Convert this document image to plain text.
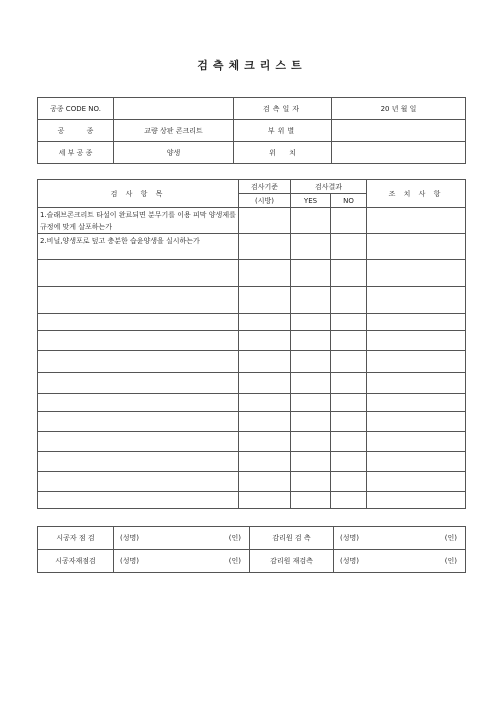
검측체크리스트
공종 CODE NO.		검측일자	20 년 월 일
공          종	교량 상판 콘크리트	부위별	
세 부 공 종	양생	위      치	
검 사 항 목	검사기준	검사결과		조 치 사 항
	(시방)	YES	NO	
1.슬래브콘크리트 타설이 완료되면 분무기를 이용 피막 양생제를 규정에 맞게 살포하는가				
2.비닐,양생포로 덮고 충분한 습윤양생을 실시하는가				

시공자 점 검	(성명) (인)	감리원 검 측	(성명) (인)

시공자재점검	(성명) (인)	감리원 재검측	(성명) (인)
